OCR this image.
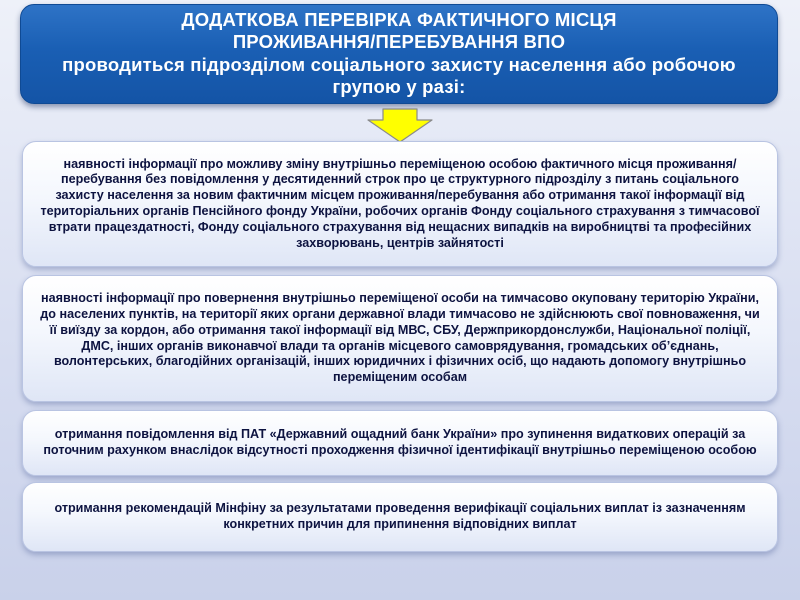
ДОДАТКОВА ПЕРЕВІРКА ФАКТИЧНОГО МІСЦЯ
ПРОЖИВАННЯ/ПЕРЕБУВАННЯ ВПО
проводиться підрозділом соціального захисту населення або робочою групою у разі:
наявності інформації про можливу зміну внутрішньо переміщеною особою фактичного місця проживання/перебування без повідомлення у десятиденний строк про це структурного підрозділу з питань соціального захисту населення за новим фактичним місцем проживання/перебування або отримання такої інформації від територіальних органів Пенсійного фонду України, робочих органів Фонду соціального страхування з тимчасової втрати працездатності, Фонду соціального страхування від нещасних випадків на виробництві та професійних захворювань, центрів зайнятості
наявності інформації про повернення внутрішньо переміщеної особи на тимчасово окуповану територію України, до населених пунктів, на території яких органи державної влади тимчасово не здійснюють свої повноваження, чи її виїзду за кордон, або отримання такої інформації від МВС, СБУ, Держприкордонслужби, Національної поліції, ДМС, інших органів виконавчої влади та органів місцевого самоврядування, громадських об’єднань, волонтерських, благодійних організацій, інших юридичних і фізичних осіб, що надають допомогу внутрішньо переміщеним особам
отримання повідомлення від ПАТ «Державний ощадний банк України» про зупинення видаткових операцій за поточним рахунком внаслідок відсутності проходження фізичної ідентифікації внутрішньо переміщеною особою
отримання рекомендацій Мінфіну за результатами проведення верифікації соціальних виплат із зазначенням конкретних причин для припинення відповідних виплат
